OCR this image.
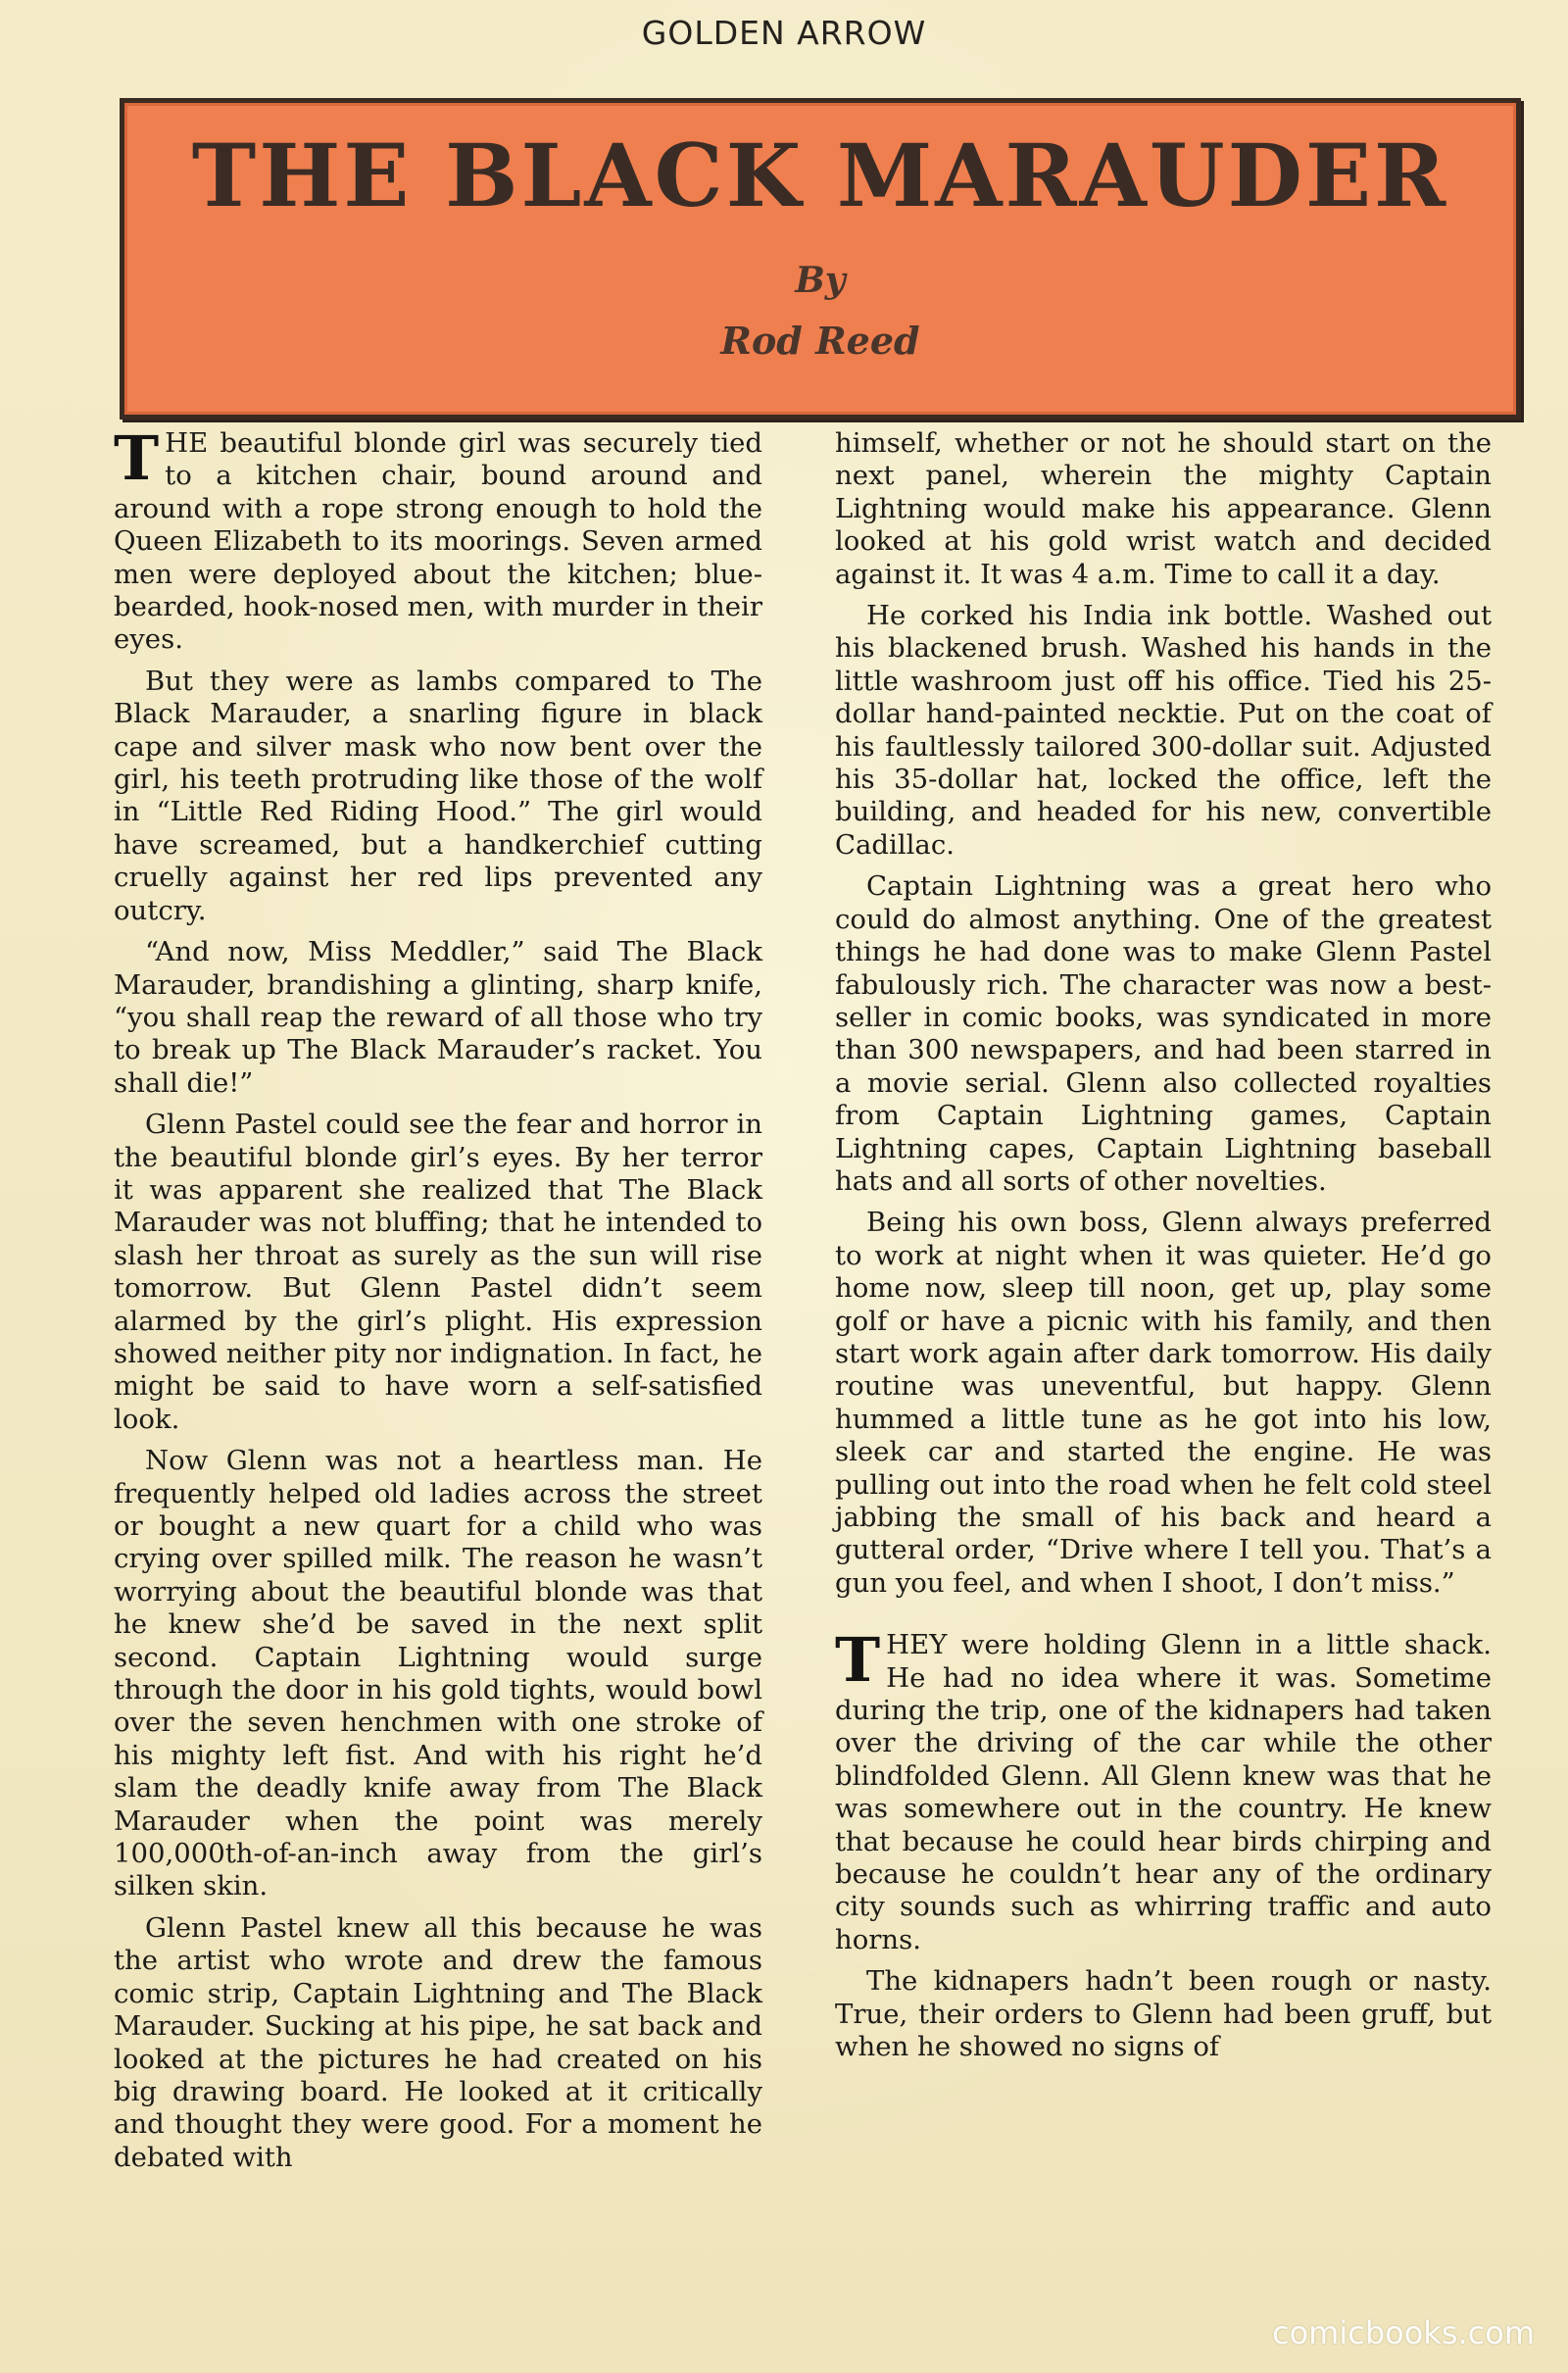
GOLDEN ARROW
THE BLACK MARAUDER
By
Rod Reed

THE beautiful blonde girl was securely tied to a kitchen chair, bound around and around with a rope strong enough to hold the Queen Elizabeth to its moorings. Seven armed men were deployed about the kitchen; blue-bearded, hook-nosed men, with murder in their eyes.

But they were as lambs compared to The Black Marauder, a snarling figure in black cape and silver mask who now bent over the girl, his teeth protruding like those of the wolf in “Little Red Riding Hood.” The girl would have screamed, but a handkerchief cutting cruelly against her red lips prevented any outcry.

“And now, Miss Meddler,” said The Black Marauder, brandishing a glinting, sharp knife, “you shall reap the reward of all those who try to break up The Black Marauder’s racket. You shall die!”

Glenn Pastel could see the fear and horror in the beautiful blonde girl’s eyes. By her terror it was apparent she realized that The Black Marauder was not bluffing; that he intended to slash her throat as surely as the sun will rise tomorrow. But Glenn Pastel didn’t seem alarmed by the girl’s plight. His expression showed neither pity nor indignation. In fact, he might be said to have worn a self-satisfied look.

Now Glenn was not a heartless man. He frequently helped old ladies across the street or bought a new quart for a child who was crying over spilled milk. The reason he wasn’t worrying about the beautiful blonde was that he knew she’d be saved in the next split second. Captain Lightning would surge through the door in his gold tights, would bowl over the seven henchmen with one stroke of his mighty left fist. And with his right he’d slam the deadly knife away from The Black Marauder when the point was merely 100,000th-of-an-inch away from the girl’s silken skin.

Glenn Pastel knew all this because he was the artist who wrote and drew the famous comic strip, Captain Lightning and The Black Marauder. Sucking at his pipe, he sat back and looked at the pictures he had created on his big drawing board. He looked at it critically and thought they were good. For a moment he debated with

himself, whether or not he should start on the next panel, wherein the mighty Captain Lightning would make his appearance. Glenn looked at his gold wrist watch and decided against it. It was 4 a.m. Time to call it a day.

He corked his India ink bottle. Washed out his blackened brush. Washed his hands in the little washroom just off his office. Tied his 25-dollar hand-painted necktie. Put on the coat of his faultlessly tailored 300-dollar suit. Adjusted his 35-dollar hat, locked the office, left the building, and headed for his new, convertible Cadillac.

Captain Lightning was a great hero who could do almost anything. One of the greatest things he had done was to make Glenn Pastel fabulously rich. The character was now a best-seller in comic books, was syndicated in more than 300 newspapers, and had been starred in a movie serial. Glenn also collected royalties from Captain Lightning games, Captain Lightning capes, Captain Lightning baseball hats and all sorts of other novelties.

Being his own boss, Glenn always preferred to work at night when it was quieter. He’d go home now, sleep till noon, get up, play some golf or have a picnic with his family, and then start work again after dark tomorrow. His daily routine was uneventful, but happy. Glenn hummed a little tune as he got into his low, sleek car and started the engine. He was pulling out into the road when he felt cold steel jabbing the small of his back and heard a gutteral order, “Drive where I tell you. That’s a gun you feel, and when I shoot, I don’t miss.”

THEY were holding Glenn in a little shack. He had no idea where it was. Sometime during the trip, one of the kidnapers had taken over the driving of the car while the other blindfolded Glenn. All Glenn knew was that he was somewhere out in the country. He knew that because he could hear birds chirping and because he couldn’t hear any of the ordinary city sounds such as whirring traffic and auto horns.

The kidnapers hadn’t been rough or nasty. True, their orders to Glenn had been gruff, but when he showed no signs of

comicbooks.com
